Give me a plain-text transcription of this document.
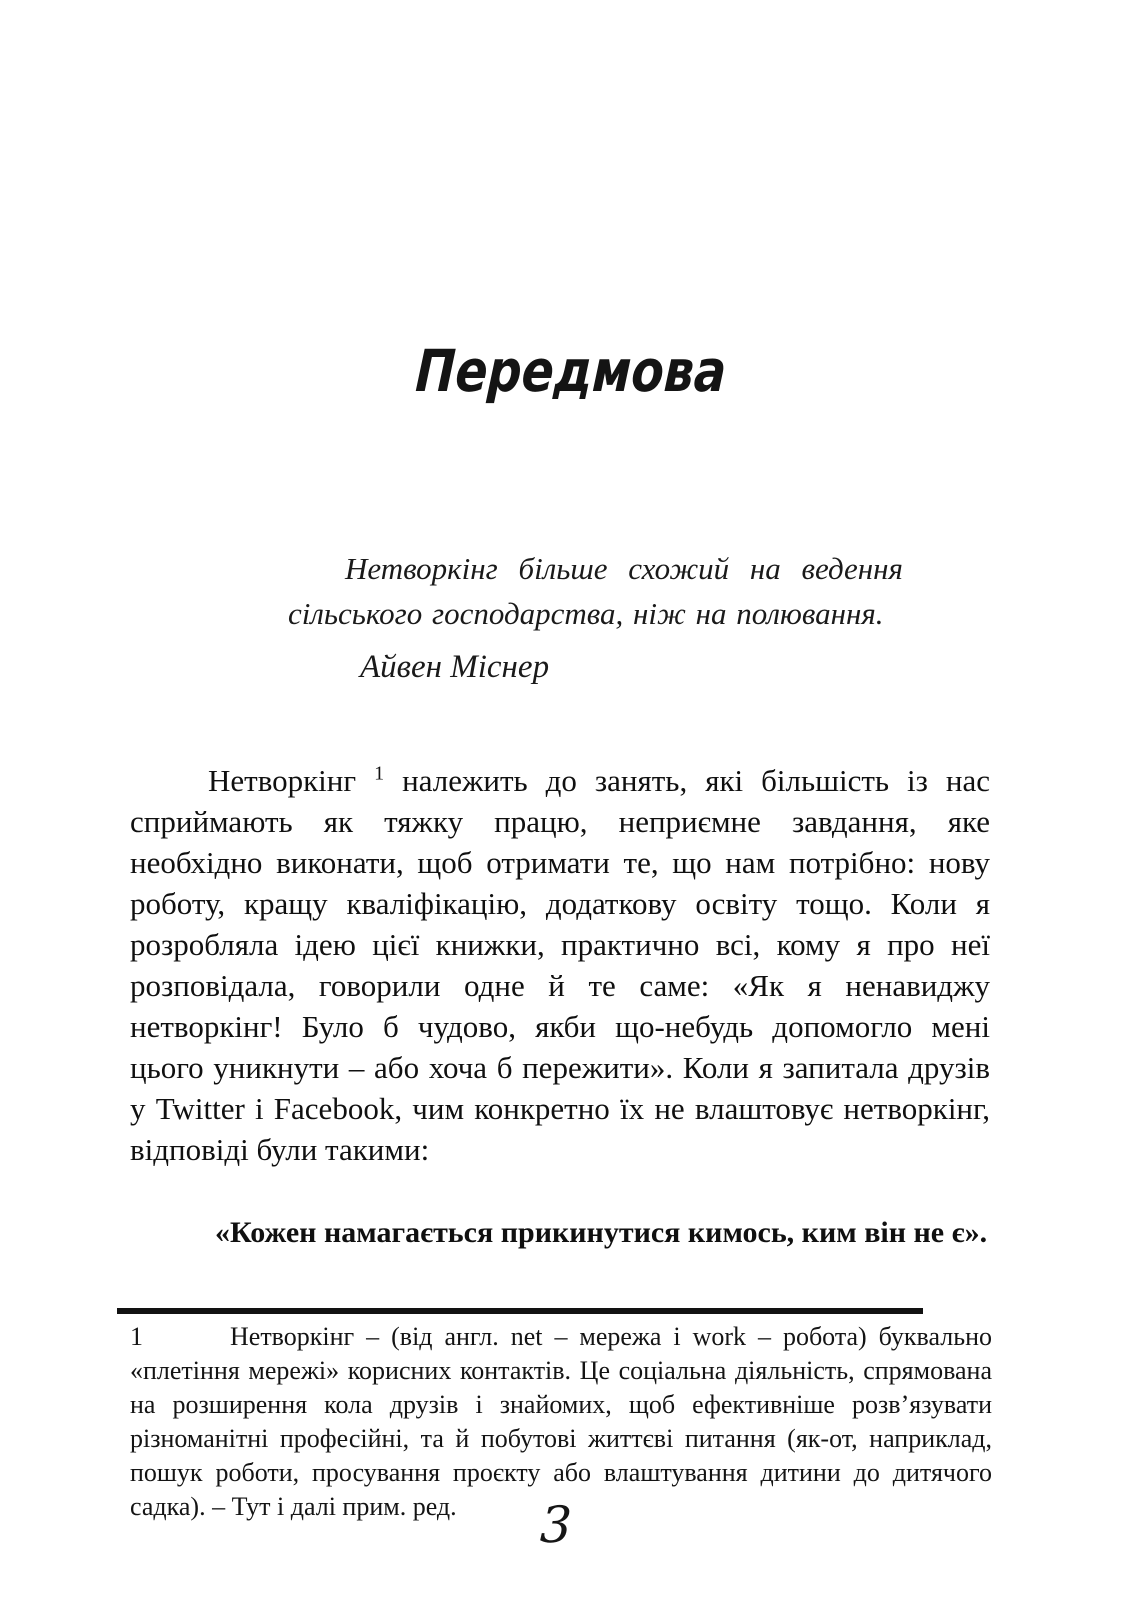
Передмова
Нетворкінг більше схожий на ведення
сільського господарства, ніж на полювання.
Айвен Міснер

Нетворкінг $^1$ належить до занять, які більшість із нас сприймають як тяжку працю, неприємне завдання, яке необхідно виконати, щоб отримати те, що нам потрібно: нову роботу, кращу кваліфікацію, додаткову освіту тощо. Коли я розробляла ідею цієї книжки, практично всі, кому я про неї розповідала, говорили одне й те саме: «Як я ненавиджу нетворкінг! Було б чудово, якби що-небудь допомогло мені цього уникнути – або хоча б пережити». Коли я запитала друзів у Twitter і Facebook, чим конкретно їх не влаштовує нетворкінг, відповіді були такими:

«Кожен намагається прикинутися кимось, ким він не є».

1	Нетворкінг – (від англ. net – мережа і work – робота) буквально «плетіння мережі» корисних контактів. Це соціальна діяльність, спрямована на розширення кола друзів і знайомих, щоб ефективніше розв’язувати різноманітні професійні, та й побутові життєві питання (як-от, наприклад, пошук роботи, просування проєкту або влаштування дитини до дитячого садка). – Тут і далі прим. ред.	3
